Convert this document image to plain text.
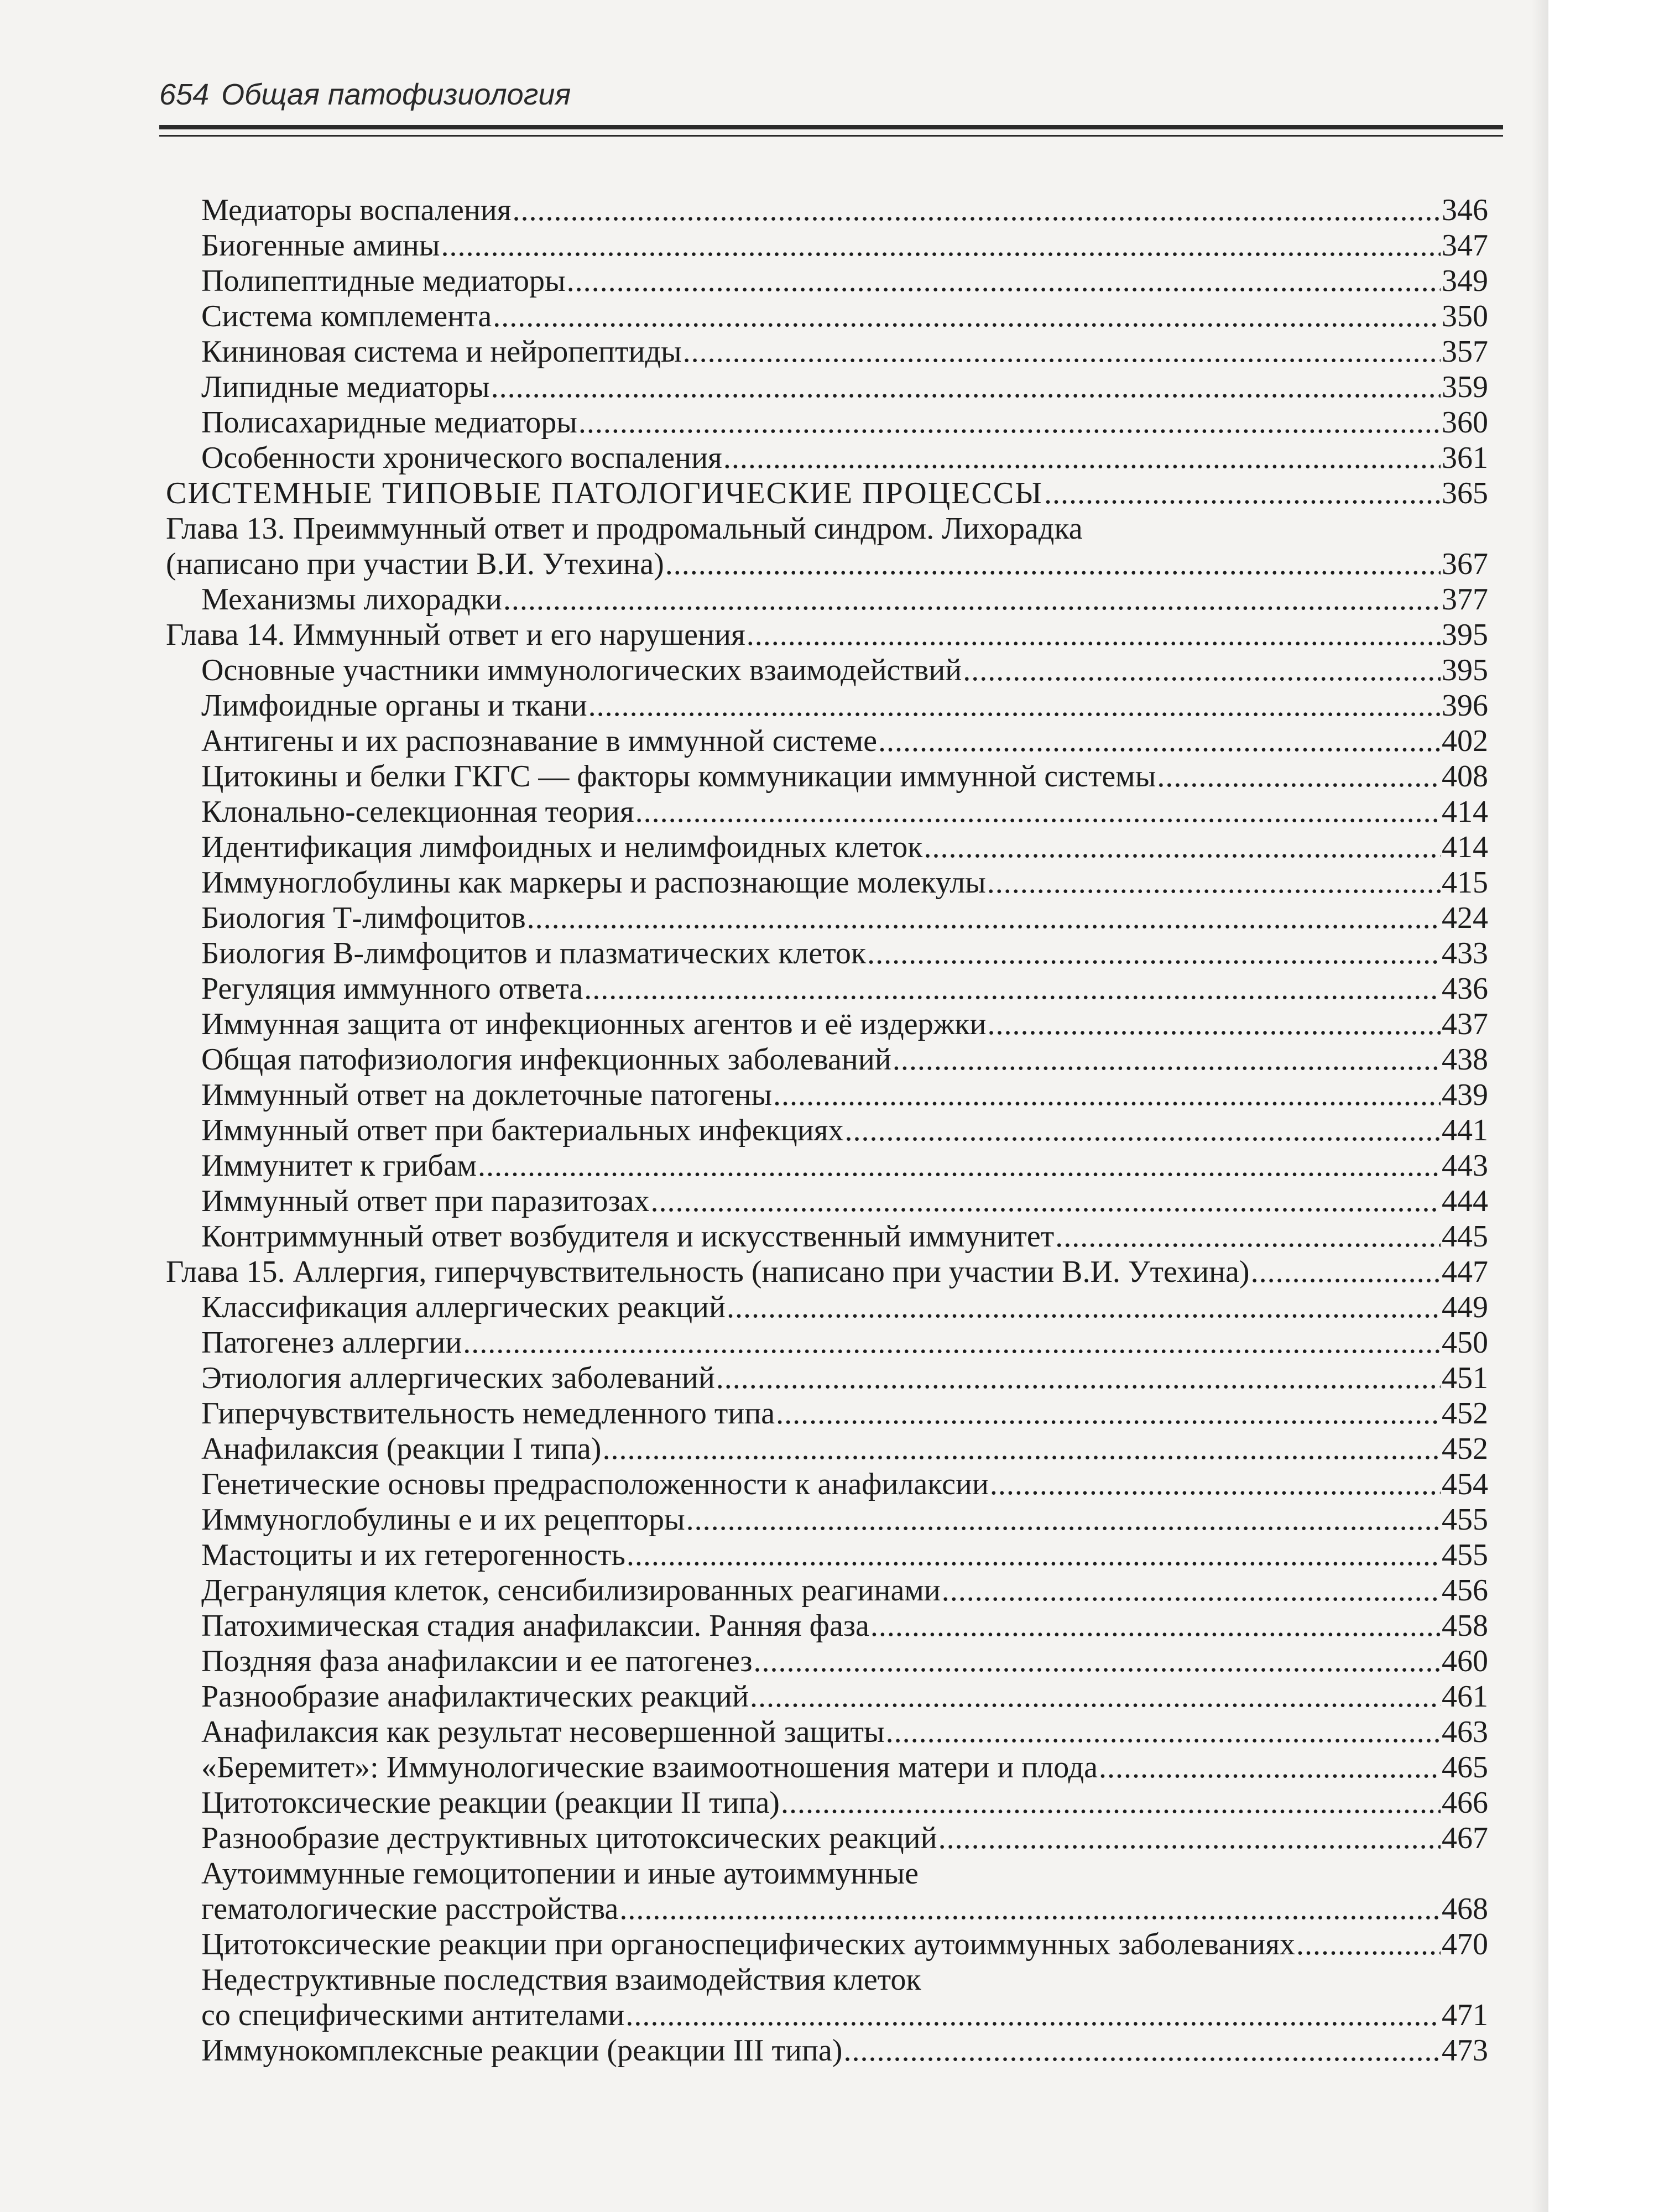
654 Общая патофизиология
Медиаторы воспаления .....	346
Биогенные амины .....	347
Полипептидные медиаторы .....	349
Система комплемента .....	350
Кининовая система и нейропептиды .....	357
Липидные медиаторы .....	359
Полисахаридные медиаторы .....	360
Особенности хронического воспаления .....	361
СИСТЕМНЫЕ ТИПОВЫЕ ПАТОЛОГИЧЕСКИЕ ПРОЦЕССЫ .....	365
Глава 13. Преиммунный ответ и продромальный синдром. Лихорадка
(написано при участии В.И. Утехина) .....	367
Механизмы лихорадки .....	377
Глава 14. Иммунный ответ и его нарушения .....	395
Основные участники иммунологических взаимодействий .....	395
Лимфоидные органы и ткани .....	396
Антигены и их распознавание в иммунной системе .....	402
Цитокины и белки ГКГС — факторы коммуникации иммунной системы .....	408
Клонально-селекционная теория .....	414
Идентификация лимфоидных и нелимфоидных клеток .....	414
Иммуноглобулины как маркеры и распознающие молекулы .....	415
Биология Т-лимфоцитов .....	424
Биология В-лимфоцитов и плазматических клеток .....	433
Регуляция иммунного ответа .....	436
Иммунная защита от инфекционных агентов и её издержки .....	437
Общая патофизиология инфекционных заболеваний .....	438
Иммунный ответ на доклеточные патогены .....	439
Иммунный ответ при бактериальных инфекциях .....	441
Иммунитет к грибам .....	443
Иммунный ответ при паразитозах .....	444
Контриммунный ответ возбудителя и искусственный иммунитет .....	445
Глава 15. Аллергия, гиперчувствительность (написано при участии В.И. Утехина) .....	447
Классификация аллергических реакций .....	449
Патогенез аллергии .....	450
Этиология аллергических заболеваний .....	451
Гиперчувствительность немедленного типа .....	452
Анафилаксия (реакции I типа) .....	452
Генетические основы предрасположенности к анафилаксии .....	454
Иммуноглобулины е и их рецепторы .....	455
Мастоциты и их гетерогенность .....	455
Дегрануляция клеток, сенсибилизированных реагинами .....	456
Патохимическая стадия анафилаксии. Ранняя фаза .....	458
Поздняя фаза анафилаксии и ее патогенез .....	460
Разнообразие анафилактических реакций .....	461
Анафилаксия как результат несовершенной защиты .....	463
«Беремитет»: Иммунологические взаимоотношения матери и плода .....	465
Цитотоксические реакции (реакции II типа) .....	466
Разнообразие деструктивных цитотоксических реакций .....	467
Аутоиммунные гемоцитопении и иные аутоиммунные
гематологические расстройства .....	468
Цитотоксические реакции при органоспецифических аутоиммунных заболеваниях .....	470
Недеструктивные последствия взаимодействия клеток
со специфическими антителами .....	471
Иммунокомплексные реакции (реакции III типа) .....	473
